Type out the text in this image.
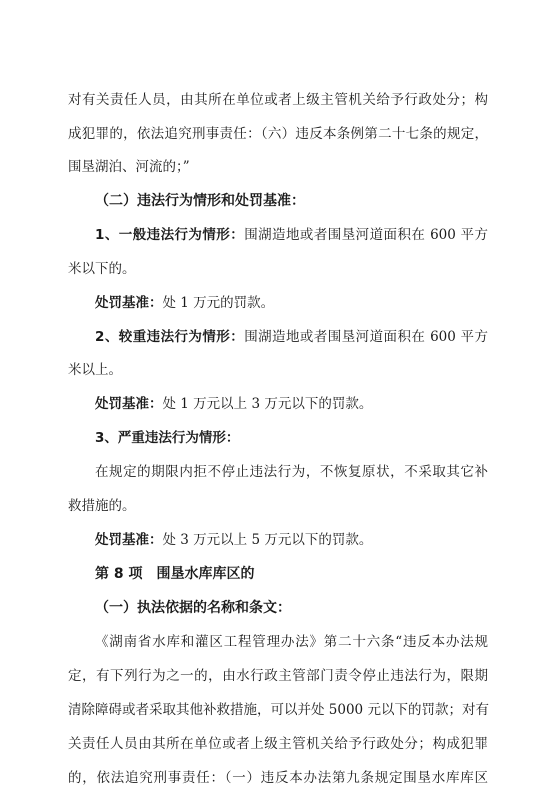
对有关责任人员，由其所在单位或者上级主管机关给予行政处分；构
成犯罪的，依法追究刑事责任：（六）违反本条例第二十七条的规定，
围垦湖泊、河流的；”
（二）违法行为情形和处罚基准：
1、一般违法行为情形：围湖造地或者围垦河道面积在 600 平方
米以下的。
处罚基准：处 1 万元的罚款。
2、较重违法行为情形：围湖造地或者围垦河道面积在 600 平方
米以上。
处罚基准：处 1 万元以上 3 万元以下的罚款。
3、严重违法行为情形：
在规定的期限内拒不停止违法行为，不恢复原状，不采取其它补
救措施的。
处罚基准：处 3 万元以上 5 万元以下的罚款。
第 8 项　围垦水库库区的
（一）执法依据的名称和条文：
《湖南省水库和灌区工程管理办法》第二十六条“违反本办法规
定，有下列行为之一的，由水行政主管部门责令停止违法行为，限期
清除障碍或者采取其他补救措施，可以并处 5000 元以下的罚款；对有
关责任人员由其所在单位或者上级主管机关给予行政处分；构成犯罪
的，依法追究刑事责任：（一）违反本办法第九条规定围垦水库库区
